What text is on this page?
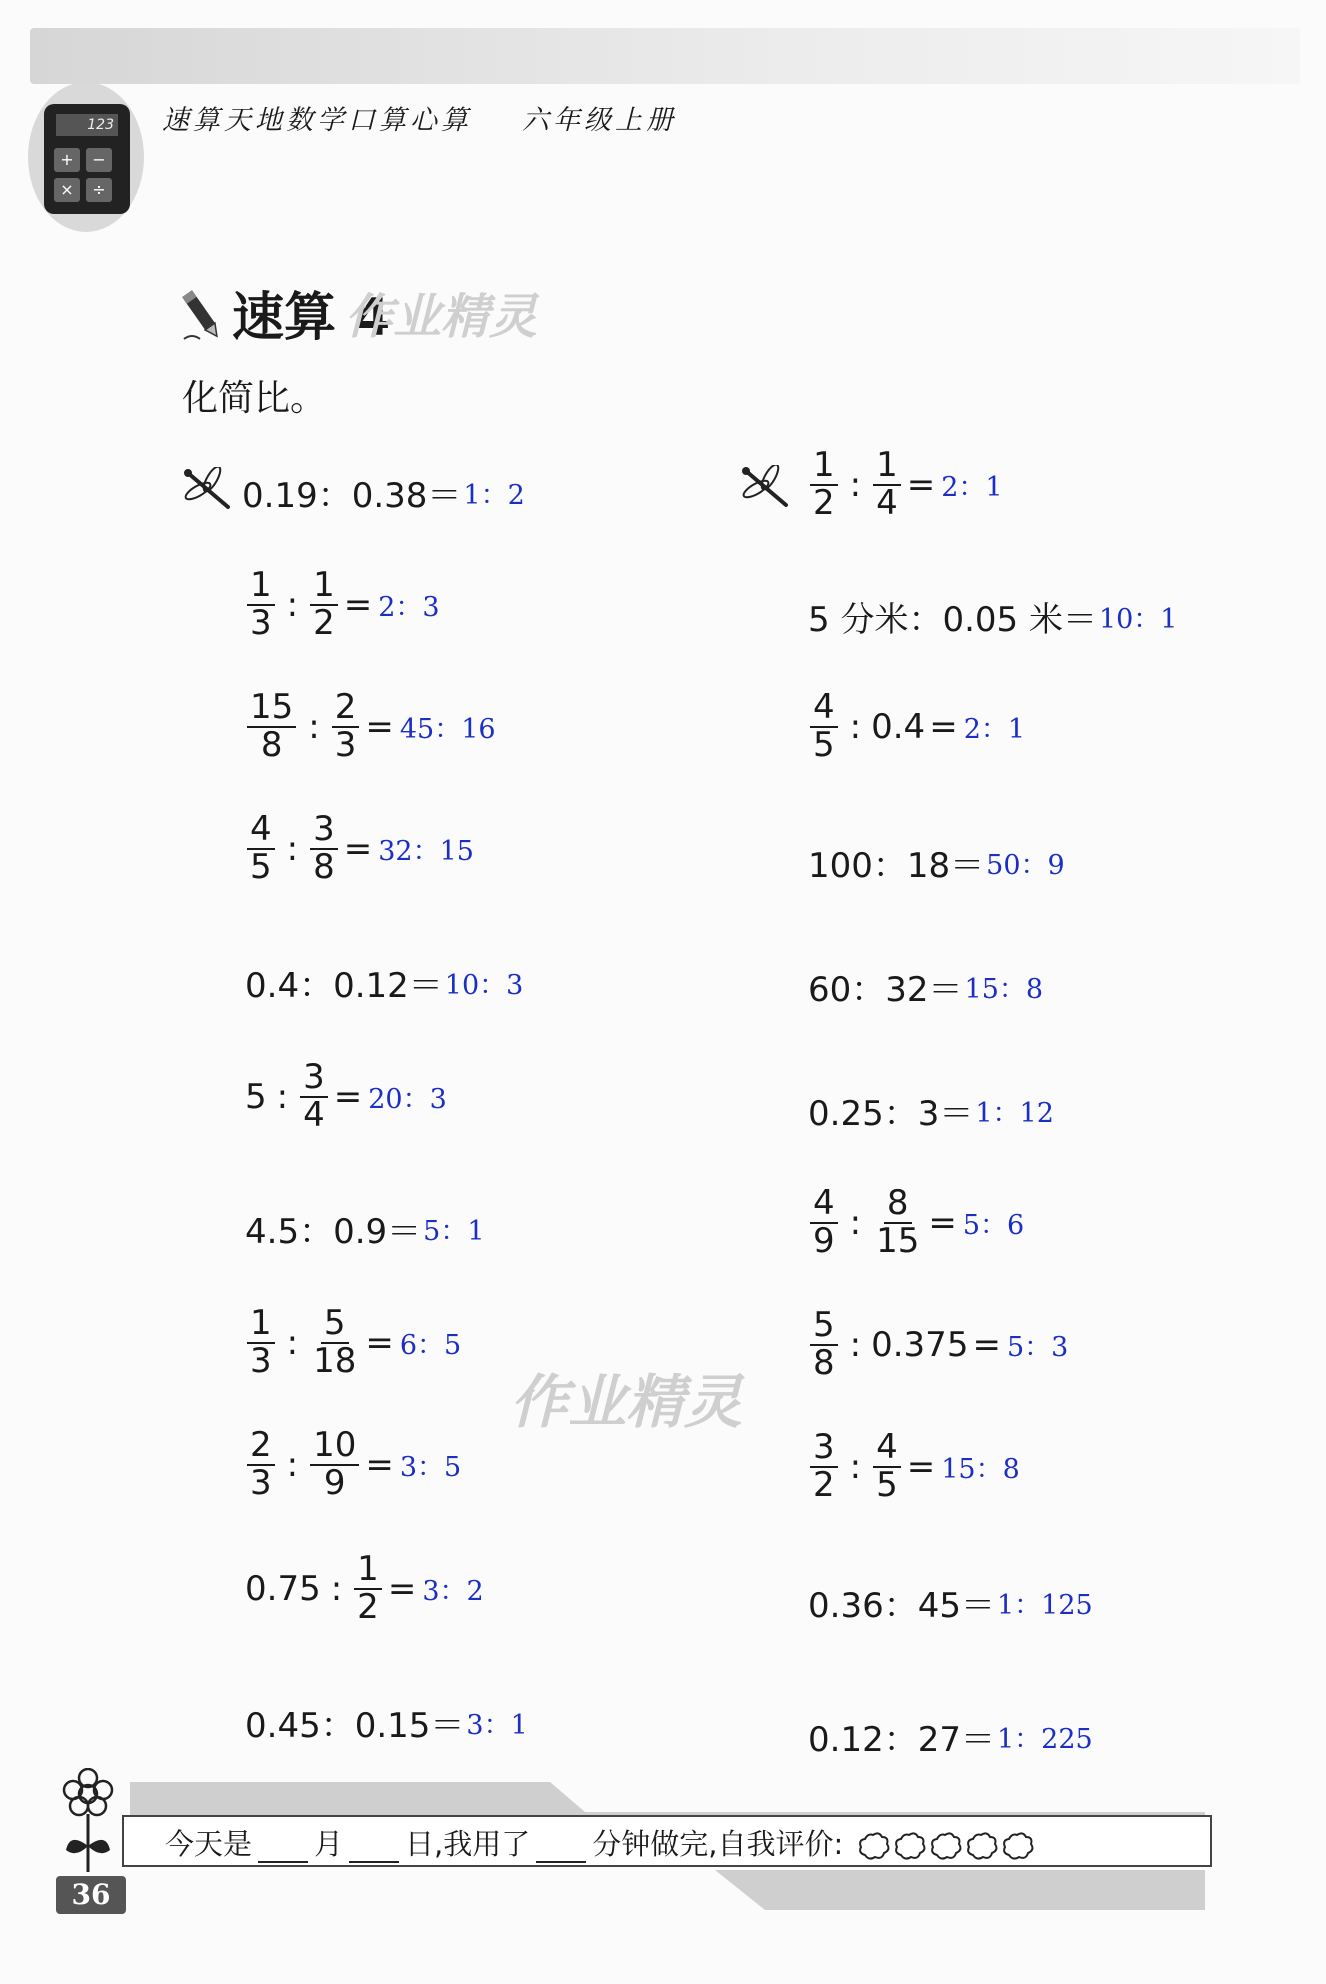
123
+	−
×	÷
速算天地数学口算心算 六年级上册
速算 4
作业精灵
化简比。
作业精灵
0.19：0.38＝ 1：2
$\frac{1}{3}$ : $\frac{1}{2} = 2$：3
$\frac{15}{8}$ : $\frac{2}{3} = 45$：16
$\frac{4}{5}$ : $\frac{3}{8} = 32$：15
0.4：0.12＝ 10：3
5 : $\frac{3}{4} = 20$：3
4.5：0.9＝ 5：1
$\frac{1}{3}$ : $\frac{5}{18} = 6$：5
$\frac{2}{3}$ : $\frac{10}{9} = 3$：5
0.75 : $\frac{1}{2} = 3$：2
0.45：0.15＝ 3：1
$\frac{1}{2}$ : $\frac{1}{4} = 2$：1
5 分米：0.05 米＝ 10：1
$\frac{4}{5}$ : 0.4 = 2：1
100：18＝ 50：9
60：32＝ 15：8
0.25：3＝ 1：12
$\frac{4}{9}$ : $\frac{8}{15} = 5$：6
$\frac{5}{8}$ : 0.375 = 5：3
$\frac{3}{2}$ : $\frac{4}{5} = 15$：8
0.36：45＝ 1：125
0.12：27＝ 1：225
今天是 月 日,我用了 分钟做完,自我评价:
36
